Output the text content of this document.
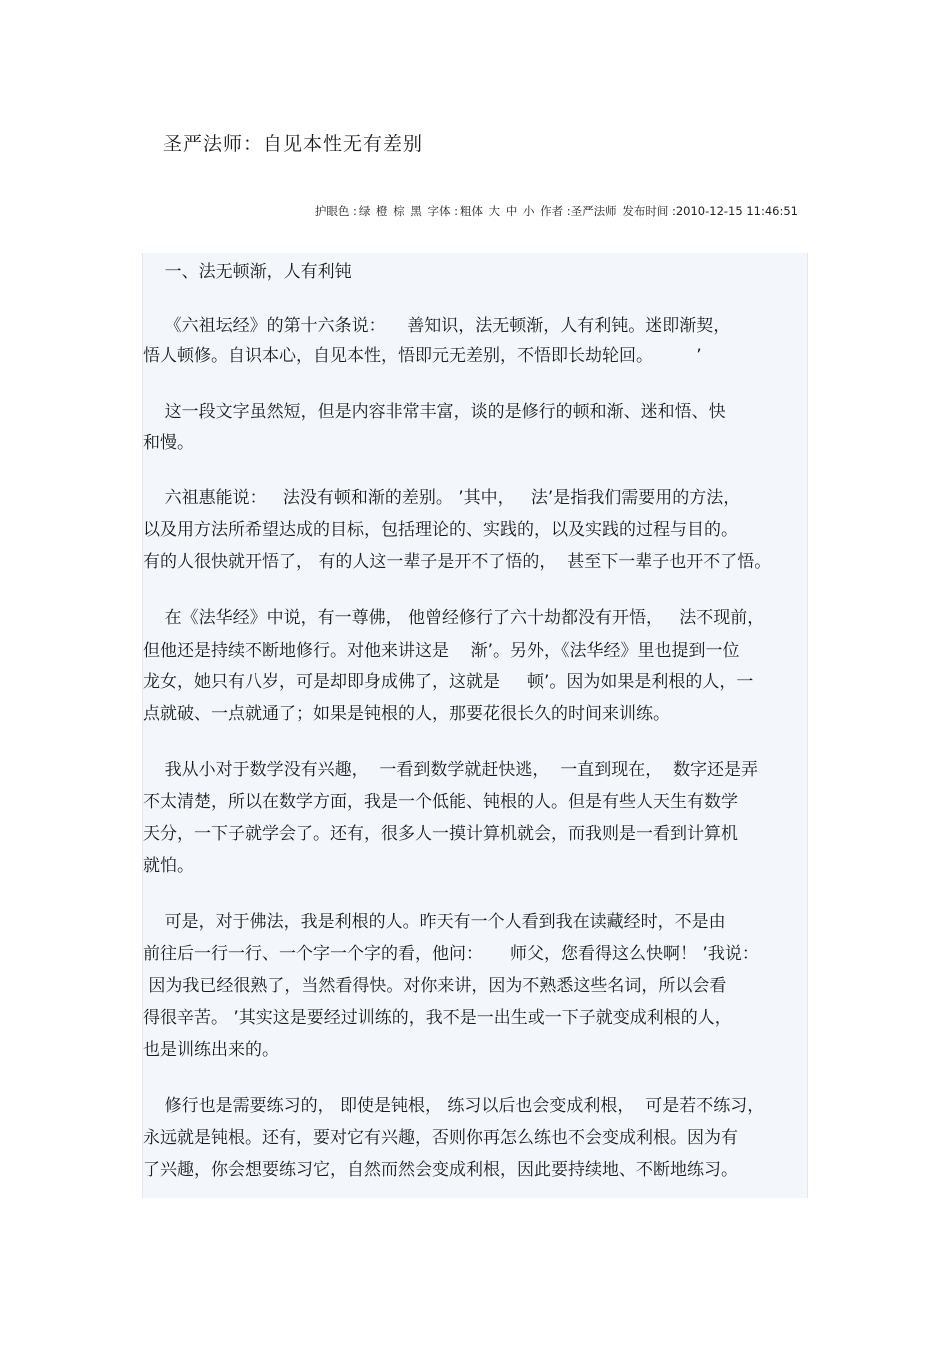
圣严法师：自见本性无有差别
护眼色 : 绿 橙 棕 黑 字体 : 粗体 大 中 小 作者 :圣严法师 发布时间 :2010-12-15 11:46:51
一、法无顿渐，人有利钝
《六祖坛经》的第十六条说：    善知识，法无顿渐，人有利钝。迷即渐契，
悟人顿修。自识本心，自见本性，悟即元无差别，不悟即长劫轮回。        ’
这一段文字虽然短，但是内容非常丰富，谈的是修行的顿和渐、迷和悟、快
和慢。
六祖惠能说：   法没有顿和渐的差别。 ’其中，   法’是指我们需要用的方法，
以及用方法所希望达成的目标，包括理论的、实践的，以及实践的过程与目的。
有的人很快就开悟了， 有的人这一辈子是开不了悟的，  甚至下一辈子也开不了悟。
在《法华经》中说，有一尊佛， 他曾经修行了六十劫都没有开悟，   法不现前，
但他还是持续不断地修行。对他来讲这是    渐’。另外，《法华经》里也提到一位
龙女，她只有八岁，可是却即身成佛了，这就是     顿’。因为如果是利根的人，一
点就破、一点就通了；如果是钝根的人，那要花很长久的时间来训练。
我从小对于数学没有兴趣，  一看到数学就赶快逃，  一直到现在，  数字还是弄
不太清楚，所以在数学方面，我是一个低能、钝根的人。但是有些人天生有数学
天分，一下子就学会了。还有，很多人一摸计算机就会，而我则是一看到计算机
就怕。
可是，对于佛法，我是利根的人。昨天有一个人看到我在读藏经时，不是由
前往后一行一行、一个字一个字的看，他问：     师父，您看得这么快啊！ ’我说：
因为我已经很熟了，当然看得快。对你来讲，因为不熟悉这些名词，所以会看
得很辛苦。 ’其实这是要经过训练的，我不是一出生或一下子就变成利根的人，
也是训练出来的。
修行也是需要练习的， 即使是钝根， 练习以后也会变成利根，  可是若不练习，
永远就是钝根。还有，要对它有兴趣，否则你再怎么练也不会变成利根。因为有
了兴趣，你会想要练习它，自然而然会变成利根，因此要持续地、不断地练习。
